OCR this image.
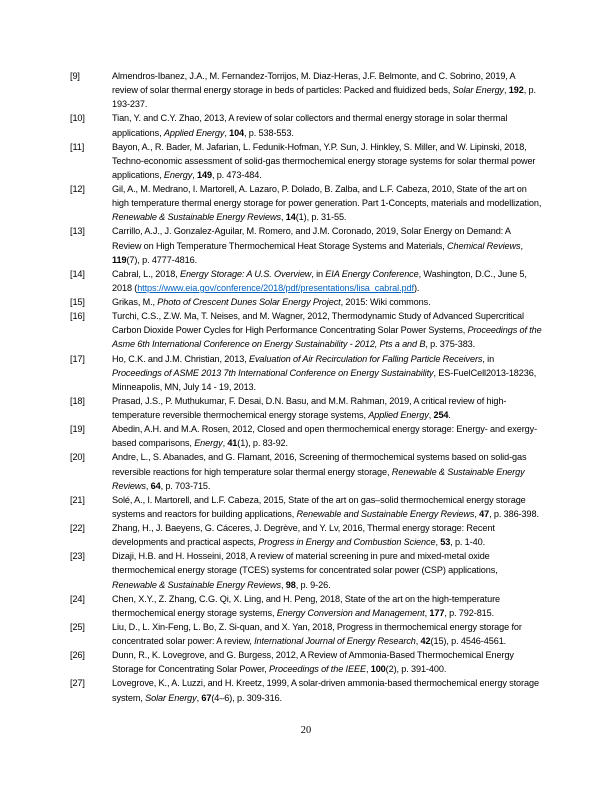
[9]	Almendros-Ibanez, J.A., M. Fernandez-Torrijos, M. Diaz-Heras, J.F. Belmonte, and C. Sobrino, 2019, A review of solar thermal energy storage in beds of particles: Packed and fluidized beds, Solar Energy, 192, p. 193-237.
[10]	Tian, Y. and C.Y. Zhao, 2013, A review of solar collectors and thermal energy storage in solar thermal applications, Applied Energy, 104, p. 538-553.
[11]	Bayon, A., R. Bader, M. Jafarian, L. Fedunik-Hofman, Y.P. Sun, J. Hinkley, S. Miller, and W. Lipinski, 2018, Techno-economic assessment of solid-gas thermochemical energy storage systems for solar thermal power applications, Energy, 149, p. 473-484.
[12]	Gil, A., M. Medrano, I. Martorell, A. Lazaro, P. Dolado, B. Zalba, and L.F. Cabeza, 2010, State of the art on high temperature thermal energy storage for power generation. Part 1-Concepts, materials and modellization, Renewable & Sustainable Energy Reviews, 14(1), p. 31-55.
[13]	Carrillo, A.J., J. Gonzalez-Aguilar, M. Romero, and J.M. Coronado, 2019, Solar Energy on Demand: A Review on High Temperature Thermochemical Heat Storage Systems and Materials, Chemical Reviews, 119(7), p. 4777-4816.
[14]	Cabral, L., 2018, Energy Storage: A U.S. Overview, in EIA Energy Conference, Washington, D.C., June 5, 2018 (https://www.eia.gov/conference/2018/pdf/presentations/lisa_cabral.pdf).
[15]	Grikas, M., Photo of Crescent Dunes Solar Energy Project, 2015: Wiki commons.
[16]	Turchi, C.S., Z.W. Ma, T. Neises, and M. Wagner, 2012, Thermodynamic Study of Advanced Supercritical Carbon Dioxide Power Cycles for High Performance Concentrating Solar Power Systems, Proceedings of the Asme 6th International Conference on Energy Sustainability - 2012, Pts a and B, p. 375-383.
[17]	Ho, C.K. and J.M. Christian, 2013, Evaluation of Air Recirculation for Falling Particle Receivers, in Proceedings of ASME 2013 7th International Conference on Energy Sustainability, ES-FuelCell2013-18236, Minneapolis, MN, July 14 - 19, 2013.
[18]	Prasad, J.S., P. Muthukumar, F. Desai, D.N. Basu, and M.M. Rahman, 2019, A critical review of high-temperature reversible thermochemical energy storage systems, Applied Energy, 254.
[19]	Abedin, A.H. and M.A. Rosen, 2012, Closed and open thermochemical energy storage: Energy- and exergy-based comparisons, Energy, 41(1), p. 83-92.
[20]	Andre, L., S. Abanades, and G. Flamant, 2016, Screening of thermochemical systems based on solid-gas reversible reactions for high temperature solar thermal energy storage, Renewable & Sustainable Energy Reviews, 64, p. 703-715.
[21]	Solé, A., I. Martorell, and L.F. Cabeza, 2015, State of the art on gas–solid thermochemical energy storage systems and reactors for building applications, Renewable and Sustainable Energy Reviews, 47, p. 386-398.
[22]	Zhang, H., J. Baeyens, G. Cáceres, J. Degrève, and Y. Lv, 2016, Thermal energy storage: Recent developments and practical aspects, Progress in Energy and Combustion Science, 53, p. 1-40.
[23]	Dizaji, H.B. and H. Hosseini, 2018, A review of material screening in pure and mixed-metal oxide thermochemical energy storage (TCES) systems for concentrated solar power (CSP) applications, Renewable & Sustainable Energy Reviews, 98, p. 9-26.
[24]	Chen, X.Y., Z. Zhang, C.G. Qi, X. Ling, and H. Peng, 2018, State of the art on the high-temperature thermochemical energy storage systems, Energy Conversion and Management, 177, p. 792-815.
[25]	Liu, D., L. Xin-Feng, L. Bo, Z. Si-quan, and X. Yan, 2018, Progress in thermochemical energy storage for concentrated solar power: A review, International Journal of Energy Research, 42(15), p. 4546-4561.
[26]	Dunn, R., K. Lovegrove, and G. Burgess, 2012, A Review of Ammonia-Based Thermochemical Energy Storage for Concentrating Solar Power, Proceedings of the IEEE, 100(2), p. 391-400.
[27]	Lovegrove, K., A. Luzzi, and H. Kreetz, 1999, A solar-driven ammonia-based thermochemical energy storage system, Solar Energy, 67(4–6), p. 309-316.
20
